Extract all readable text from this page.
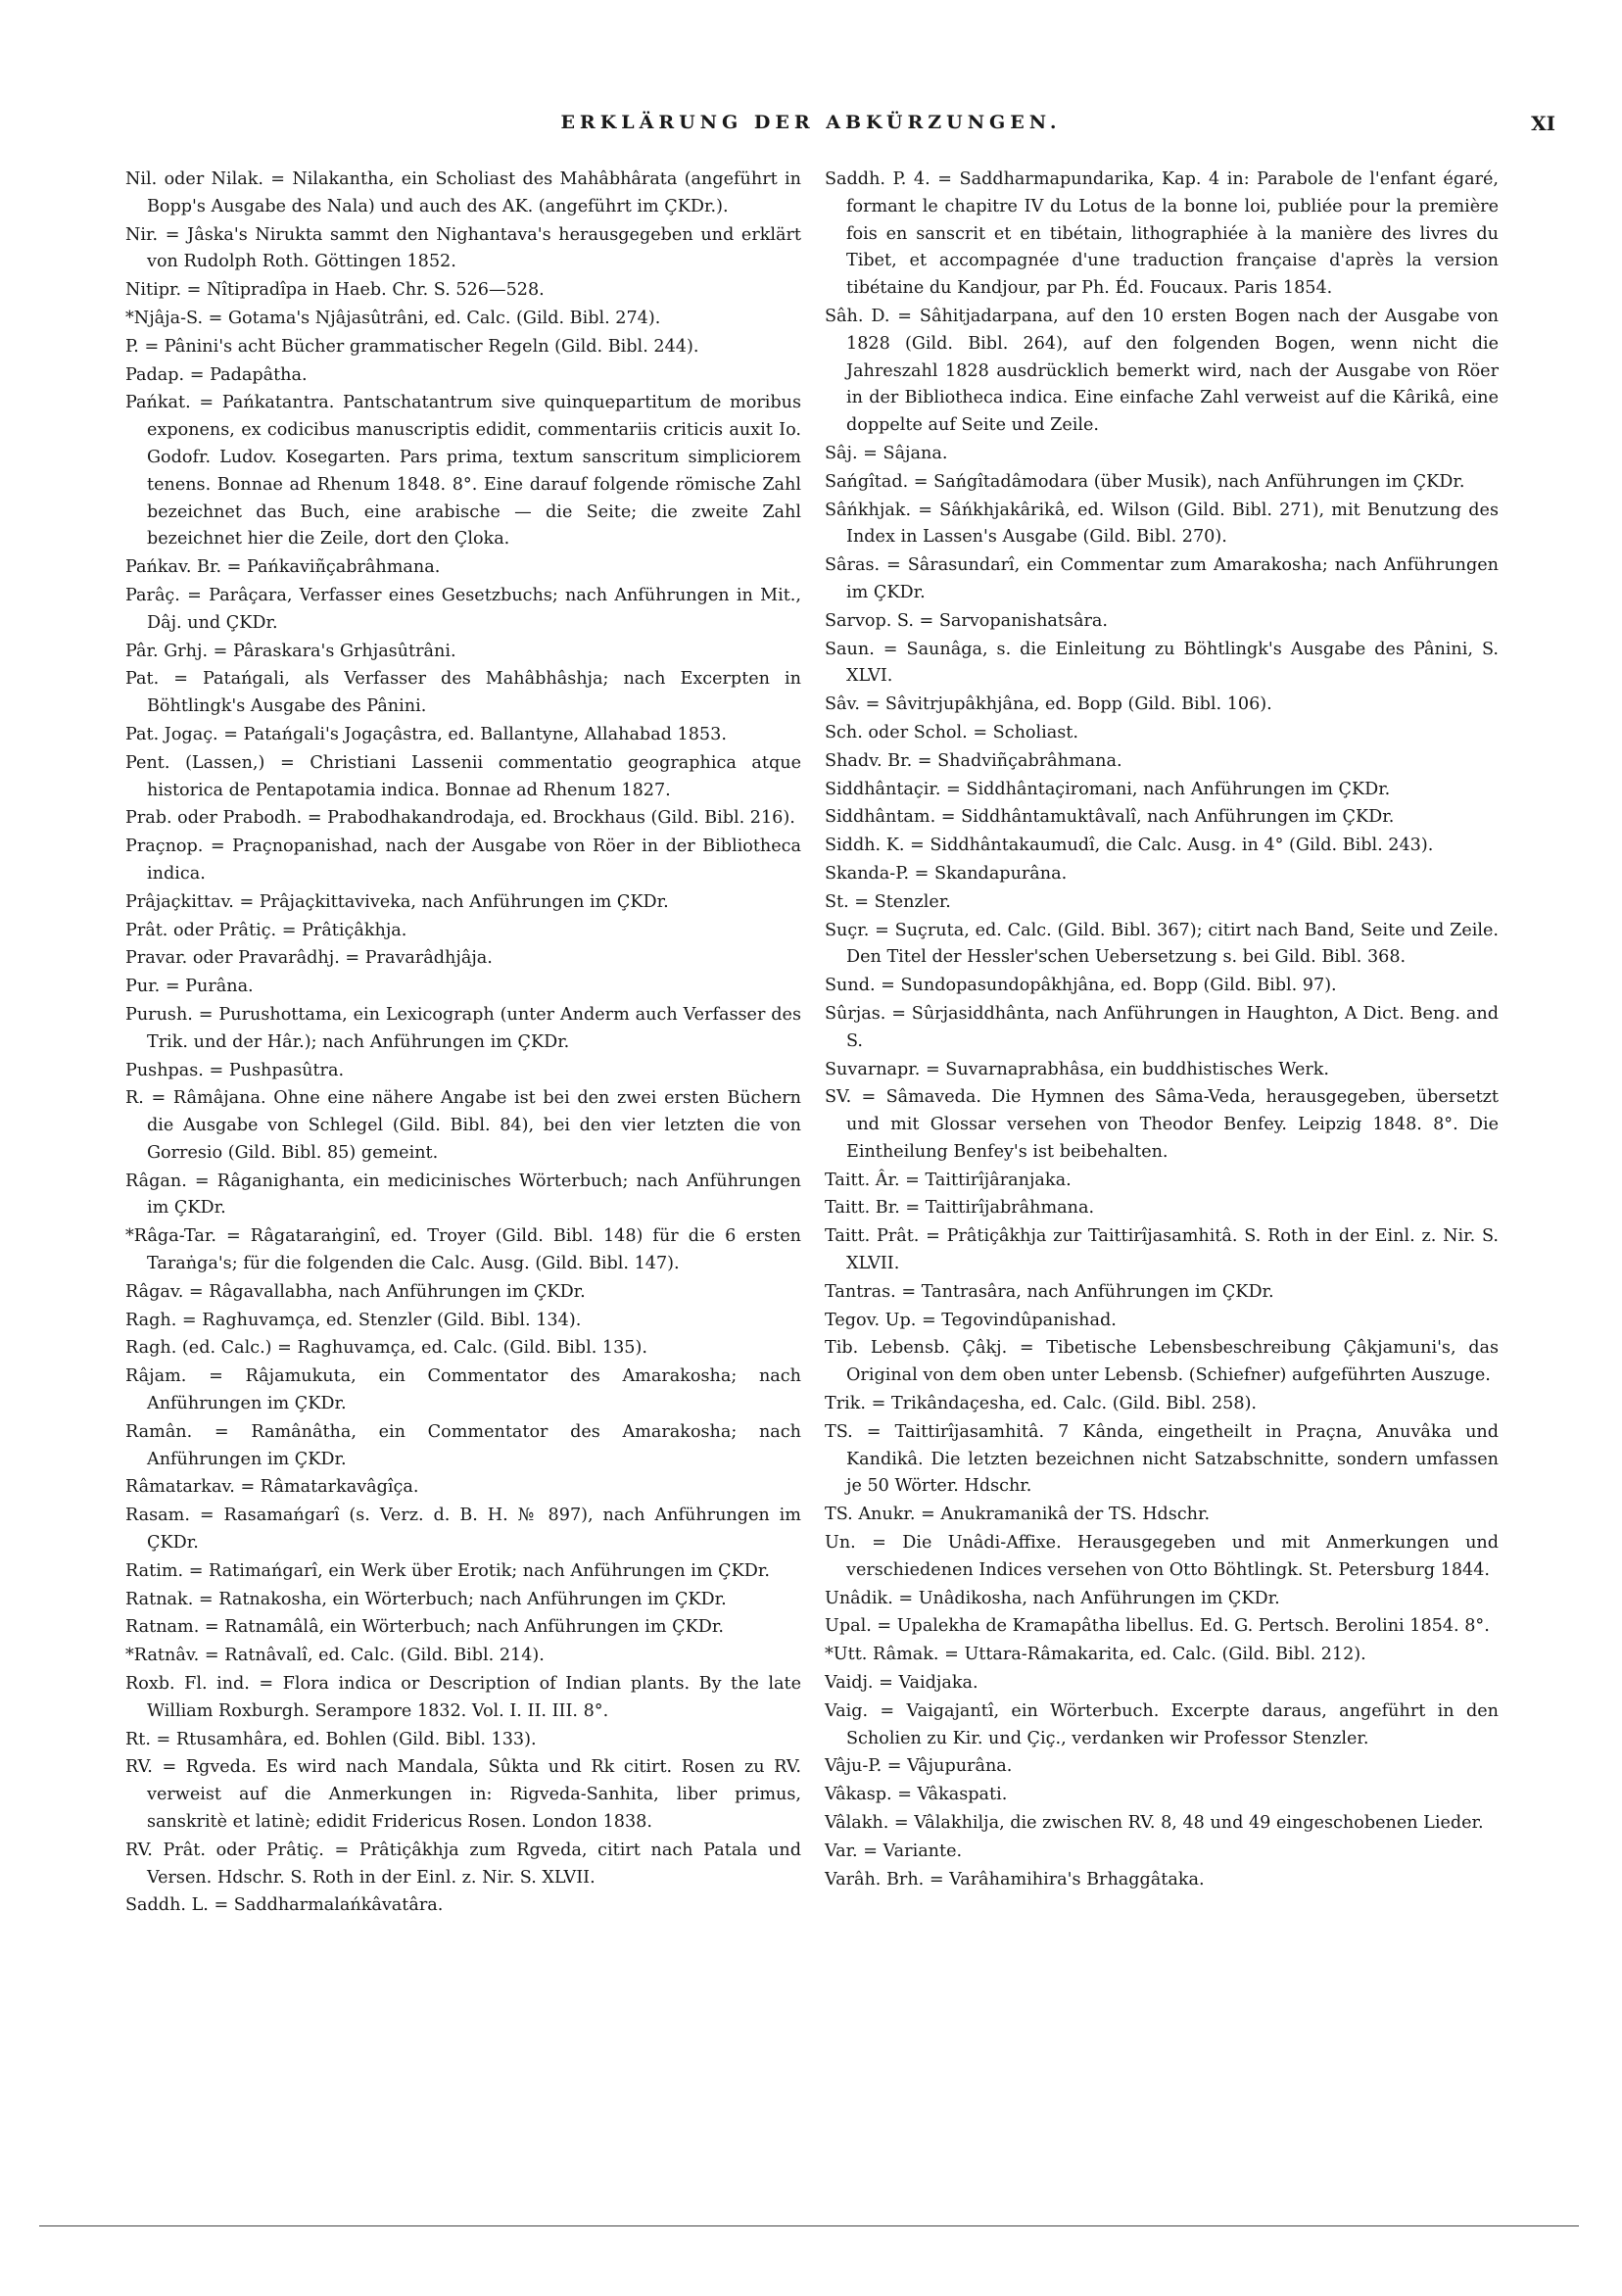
ERKLÄRUNG DER ABKÜRZUNGEN.	XI

Nil. oder Nilak. = Nilakantha, ein Scholiast des Mahâbhârata (angeführt in Bopp's Ausgabe des Nala) und auch des AK. (angeführt im ÇKDr.).

Nir. = Jâska's Nirukta sammt den Nighantava's herausgegeben und erklärt von Rudolph Roth. Göttingen 1852.

Nitipr. = Nîtipradîpa in Haeb. Chr. S. 526—528.

*Njâja-S. = Gotama's Njâjasûtrâni, ed. Calc. (Gild. Bibl. 274).

P. = Pânini's acht Bücher grammatischer Regeln (Gild. Bibl. 244).

Padap. = Padapâtha.

Pańkat. = Pańkatantra. Pantschatantrum sive quinquepartitum de moribus exponens, ex codicibus manuscriptis edidit, commentariis criticis auxit Io. Godofr. Ludov. Kosegarten. Pars prima, textum sanscritum simpliciorem tenens. Bonnae ad Rhenum 1848. 8°. Eine darauf folgende römische Zahl bezeichnet das Buch, eine arabische — die Seite; die zweite Zahl bezeichnet hier die Zeile, dort den Çloka.

Pańkav. Br. = Pańkaviñçabrâhmana.

Parâç. = Parâçara, Verfasser eines Gesetzbuchs; nach Anführungen in Mit., Dâj. und ÇKDr.

Pâr. Grhj. = Pâraskara's Grhjasûtrâni.

Pat. = Patańgali, als Verfasser des Mahâbhâshja; nach Excerpten in Böhtlingk's Ausgabe des Pânini.

Pat. Jogaç. = Patańgali's Jogaçâstra, ed. Ballantyne, Allahabad 1853.

Pent. (Lassen,) = Christiani Lassenii commentatio geographica atque historica de Pentapotamia indica. Bonnae ad Rhenum 1827.

Prab. oder Prabodh. = Prabodhakandrodaja, ed. Brockhaus (Gild. Bibl. 216).

Praçnop. = Praçnopanishad, nach der Ausgabe von Röer in der Bibliotheca indica.

Prâjaçkittav. = Prâjaçkittaviveka, nach Anführungen im ÇKDr.

Prât. oder Prâtiç. = Prâtiçâkhja.

Pravar. oder Pravarâdhj. = Pravarâdhjâja.

Pur. = Purâna.

Purush. = Purushottama, ein Lexicograph (unter Anderm auch Verfasser des Trik. und der Hâr.); nach Anführungen im ÇKDr.

Pushpas. = Pushpasûtra.

R. = Râmâjana. Ohne eine nähere Angabe ist bei den zwei ersten Büchern die Ausgabe von Schlegel (Gild. Bibl. 84), bei den vier letzten die von Gorresio (Gild. Bibl. 85) gemeint.

Râgan. = Râganighanta, ein medicinisches Wörterbuch; nach Anführungen im ÇKDr.

*Râga-Tar. = Râgataraṅginî, ed. Troyer (Gild. Bibl. 148) für die 6 ersten Taraṅga's; für die folgenden die Calc. Ausg. (Gild. Bibl. 147).

Râgav. = Râgavallabha, nach Anführungen im ÇKDr.

Ragh. = Raghuvamça, ed. Stenzler (Gild. Bibl. 134).

Ragh. (ed. Calc.) = Raghuvamça, ed. Calc. (Gild. Bibl. 135).

Râjam. = Râjamukuta, ein Commentator des Amarakosha; nach Anführungen im ÇKDr.

Ramân. = Ramânâtha, ein Commentator des Amarakosha; nach Anführungen im ÇKDr.

Râmatarkav. = Râmatarkavâgîça.

Rasam. = Rasamańgarî (s. Verz. d. B. H. № 897), nach Anführungen im ÇKDr.

Ratim. = Ratimańgarî, ein Werk über Erotik; nach Anführungen im ÇKDr.

Ratnak. = Ratnakosha, ein Wörterbuch; nach Anführungen im ÇKDr.

Ratnam. = Ratnamâlâ, ein Wörterbuch; nach Anführungen im ÇKDr.

*Ratnâv. = Ratnâvalî, ed. Calc. (Gild. Bibl. 214).

Roxb. Fl. ind. = Flora indica or Description of Indian plants. By the late William Roxburgh. Serampore 1832. Vol. I. II. III. 8°.

Rt. = Rtusamhâra, ed. Bohlen (Gild. Bibl. 133).

RV. = Rgveda. Es wird nach Mandala, Sûkta und Rk citirt. Rosen zu RV. verweist auf die Anmerkungen in: Rigveda-Sanhita, liber primus, sanskritè et latinè; edidit Fridericus Rosen. London 1838.

RV. Prât. oder Prâtiç. = Prâtiçâkhja zum Rgveda, citirt nach Patala und Versen. Hdschr. S. Roth in der Einl. z. Nir. S. XLVII.

Saddh. L. = Saddharmalańkâvatâra.

Saddh. P. 4. = Saddharmapundarika, Kap. 4 in: Parabole de l'enfant égaré, formant le chapitre IV du Lotus de la bonne loi, publiée pour la première fois en sanscrit et en tibétain, lithographiée à la manière des livres du Tibet, et accompagnée d'une traduction française d'après la version tibétaine du Kandjour, par Ph. Éd. Foucaux. Paris 1854.

Sâh. D. = Sâhitjadarpana, auf den 10 ersten Bogen nach der Ausgabe von 1828 (Gild. Bibl. 264), auf den folgenden Bogen, wenn nicht die Jahreszahl 1828 ausdrücklich bemerkt wird, nach der Ausgabe von Röer in der Bibliotheca indica. Eine einfache Zahl verweist auf die Kârikâ, eine doppelte auf Seite und Zeile.

Sâj. = Sâjana.

Sańgîtad. = Sańgîtadâmodara (über Musik), nach Anführungen im ÇKDr.

Sâńkhjak. = Sâńkhjakârikâ, ed. Wilson (Gild. Bibl. 271), mit Benutzung des Index in Lassen's Ausgabe (Gild. Bibl. 270).

Sâras. = Sârasundarî, ein Commentar zum Amarakosha; nach Anführungen im ÇKDr.

Sarvop. S. = Sarvopanishatsâra.

Saun. = Saunâga, s. die Einleitung zu Böhtlingk's Ausgabe des Pânini, S. XLVI.

Sâv. = Sâvitrjupâkhjâna, ed. Bopp (Gild. Bibl. 106).

Sch. oder Schol. = Scholiast.

Shadv. Br. = Shadviñçabrâhmana.

Siddhântaçir. = Siddhântaçiromani, nach Anführungen im ÇKDr.

Siddhântam. = Siddhântamuktâvalî, nach Anführungen im ÇKDr.

Siddh. K. = Siddhântakaumudî, die Calc. Ausg. in 4° (Gild. Bibl. 243).

Skanda-P. = Skandapurâna.

St. = Stenzler.

Suçr. = Suçruta, ed. Calc. (Gild. Bibl. 367); citirt nach Band, Seite und Zeile. Den Titel der Hessler'schen Uebersetzung s. bei Gild. Bibl. 368.

Sund. = Sundopasundopâkhjâna, ed. Bopp (Gild. Bibl. 97).

Sûrjas. = Sûrjasiddhânta, nach Anführungen in Haughton, A Dict. Beng. and S.

Suvarnapr. = Suvarnaprabhâsa, ein buddhistisches Werk.

SV. = Sâmaveda. Die Hymnen des Sâma-Veda, herausgegeben, übersetzt und mit Glossar versehen von Theodor Benfey. Leipzig 1848. 8°. Die Eintheilung Benfey's ist beibehalten.

Taitt. Âr. = Taittirîjâranjaka.

Taitt. Br. = Taittirîjabrâhmana.

Taitt. Prât. = Prâtiçâkhja zur Taittirîjasamhitâ. S. Roth in der Einl. z. Nir. S. XLVII.

Tantras. = Tantrasâra, nach Anführungen im ÇKDr.

Tegov. Up. = Tegovindûpanishad.

Tib. Lebensb. Çâkj. = Tibetische Lebensbeschreibung Çâkjamuni's, das Original von dem oben unter Lebensb. (Schiefner) aufgeführten Auszuge.

Trik. = Trikândaçesha, ed. Calc. (Gild. Bibl. 258).

TS. = Taittirîjasamhitâ. 7 Kânda, eingetheilt in Praçna, Anuvâka und Kandikâ. Die letzten bezeichnen nicht Satzabschnitte, sondern umfassen je 50 Wörter. Hdschr.

TS. Anukr. = Anukramanikâ der TS. Hdschr.

Un. = Die Unâdi-Affixe. Herausgegeben und mit Anmerkungen und verschiedenen Indices versehen von Otto Böhtlingk. St. Petersburg 1844.

Unâdik. = Unâdikosha, nach Anführungen im ÇKDr.

Upal. = Upalekha de Kramapâtha libellus. Ed. G. Pertsch. Berolini 1854. 8°.

*Utt. Râmak. = Uttara-Râmakarita, ed. Calc. (Gild. Bibl. 212).

Vaidj. = Vaidjaka.

Vaig. = Vaigajantî, ein Wörterbuch. Excerpte daraus, angeführt in den Scholien zu Kir. und Çiç., verdanken wir Professor Stenzler.

Vâju-P. = Vâjupurâna.

Vâkasp. = Vâkaspati.

Vâlakh. = Vâlakhilja, die zwischen RV. 8, 48 und 49 eingeschobenen Lieder.

Var. = Variante.

Varâh. Brh. = Varâhamihira's Brhaggâtaka.
